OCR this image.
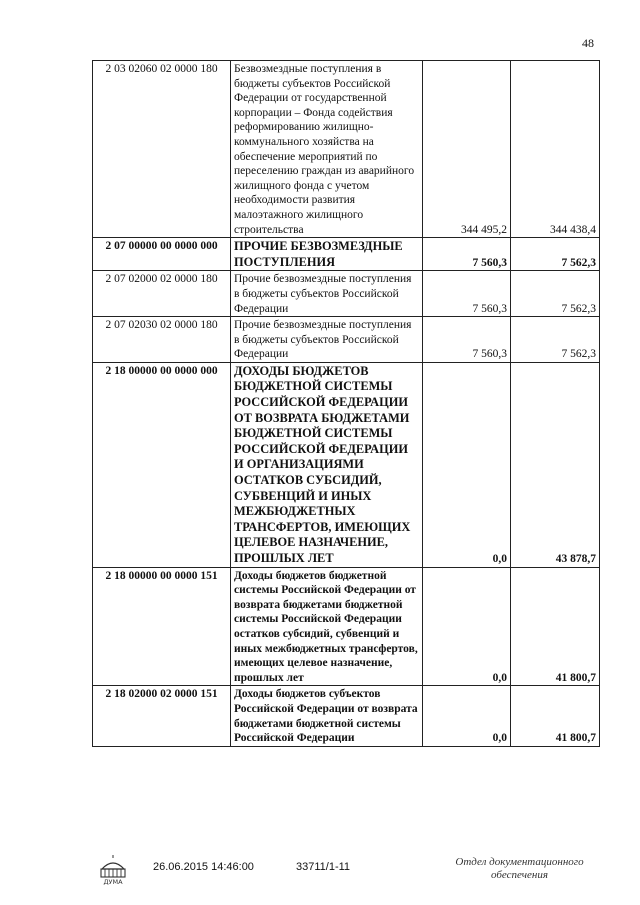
48
2 03 02060 02 0000 180	Безвозмездные поступления в бюджеты субъектов Российской Федерации от государственной корпорации – Фонда содействия реформированию жилищно-коммунального хозяйства на обеспечение мероприятий по переселению граждан из аварийного жилищного фонда с учетом необходимости развития малоэтажного жилищного строительства	344 495,2	344 438,4
2 07 00000 00 0000 000	ПРОЧИЕ БЕЗВОЗМЕЗДНЫЕ ПОСТУПЛЕНИЯ	7 560,3	7 562,3
2 07 02000 02 0000 180	Прочие безвозмездные поступления в бюджеты субъектов Российской Федерации	7 560,3	7 562,3
2 07 02030 02 0000 180	Прочие безвозмездные поступления в бюджеты субъектов Российской Федерации	7 560,3	7 562,3
2 18 00000 00 0000 000	ДОХОДЫ БЮДЖЕТОВ БЮДЖЕТНОЙ СИСТЕМЫ РОССИЙСКОЙ ФЕДЕРАЦИИ ОТ ВОЗВРАТА БЮДЖЕТАМИ БЮДЖЕТНОЙ СИСТЕМЫ РОССИЙСКОЙ ФЕДЕРАЦИИ И ОРГАНИЗАЦИЯМИ ОСТАТКОВ СУБСИДИЙ, СУБВЕНЦИЙ И ИНЫХ МЕЖБЮДЖЕТНЫХ ТРАНСФЕРТОВ, ИМЕЮЩИХ ЦЕЛЕВОЕ НАЗНАЧЕНИЕ, ПРОШЛЫХ ЛЕТ	0,0	43 878,7
2 18 00000 00 0000 151	Доходы бюджетов бюджетной системы Российской Федерации от возврата бюджетами бюджетной системы Российской Федерации остатков субсидий, субвенций и иных межбюджетных трансфертов, имеющих целевое назначение, прошлых лет	0,0	41 800,7
2 18 02000 02 0000 151	Доходы бюджетов субъектов Российской Федерации от возврата бюджетами бюджетной системы Российской Федерации	0,0	41 800,7
ДУМА
26.06.2015 14:46:00	33711/1-11	Отдел документационного
обеспечения
